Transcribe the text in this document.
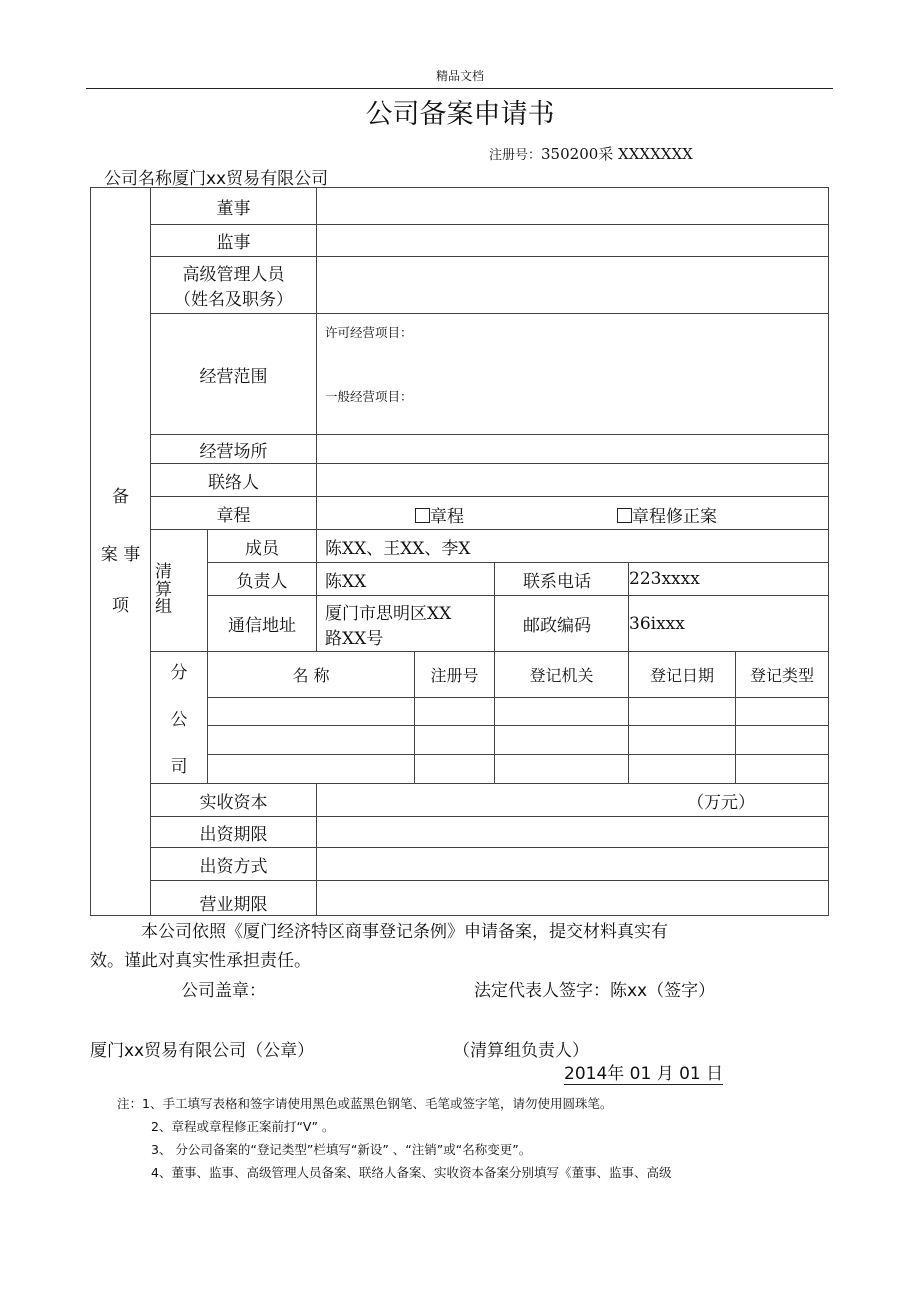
精品文档
公司备案申请书
注册号：350200采 XXXXXXX
公司名称厦门xx贸易有限公司
备
案 事
项	董事						
	监事						

	高级管理人员
（姓名及职务）						

	经营范围		许可经营项目：
一般经营项目：				

	经营场所						
	联络人						
	章程		章程 章程修正案				

	清算组	成员	陈XX、王XX、李X				
		负责人	陈XX		联系电话	223xxxx	
		通信地址	厦门市思明区XX
路XX号		邮政编码	36ixxx	

	分
公
司	名 称		注册号	登记机关	登记日期	登记类型

	实收资本		（万元）				
	出资期限						
	出资方式						
	营业期限						
本公司依照《厦门经济特区商事登记条例》申请备案，提交材料真实有
效。谨此对真实性承担责任。
公司盖章：	法定代表人签字：陈xx（签字）
厦门xx贸易有限公司（公章）	（清算组负责人）
2014年 01 月 01 日
注：1、手工填写表格和签字请使用黑色或蓝黑色钢笔、毛笔或签字笔，请勿使用圆珠笔。
2、章程或章程修正案前打“V” 。
3、 分公司备案的“登记类型”栏填写“新设” 、“注销”或“名称变更”。
4、董事、监事、高级管理人员备案、联络人备案、实收资本备案分别填写《董事、监事、高级
